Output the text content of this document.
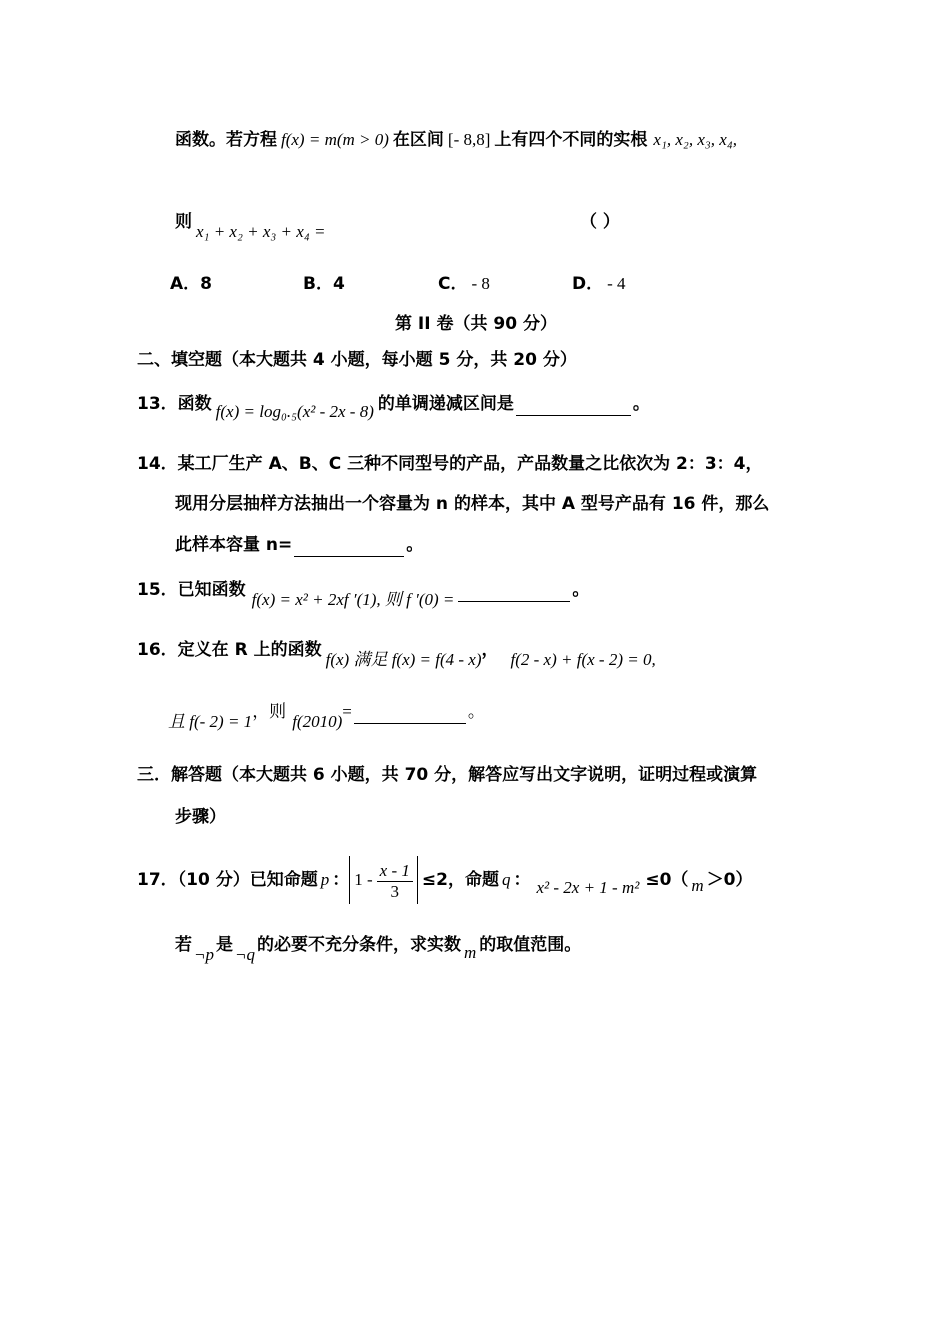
函数。若方程 f(x) = m(m > 0) 在区间 [- 8,8] 上有四个不同的实根 x₁, x₂, x₃, x₄,
则 x₁ + x₂ + x₃ + x₄ =	（ ）
A．8	B．4	C． - 8	D． - 4
第 II 卷（共 90 分）
二、填空题（本大题共 4 小题，每小题 5 分，共 20 分）
13．函数 f(x) = log₀.₅(x² - 2x - 8) 的单调递减区间是	。
14．某工厂生产 A、B、C 三种不同型号的产品，产品数量之比依次为 2：3：4，
现用分层抽样方法抽出一个容量为 n 的样本，其中 A 型号产品有 16 件，那么
此样本容量 n=	。
15．已知函数 f(x) = x² + 2xf ′(1), 则 f ′(0) =	。
16．定义在 R 上的函数 f(x) 满足 f(x) = f(4 - x)， f(2 - x) + f(x - 2) = 0,
且 f(- 2) = 1，则f(2010)=	。
三．解答题（本大题共 6 小题，共 70 分，解答应写出文字说明，证明过程或演算
步骤）
17．（10 分）已知命题 p ： $1 - \frac{x - 1}{3} \le 2$，命题 q ： x² - 2x + 1 - m² ≤0（ m ＞0）
若 ¬p 是 ¬q 的必要不充分条件，求实数 m 的取值范围。
